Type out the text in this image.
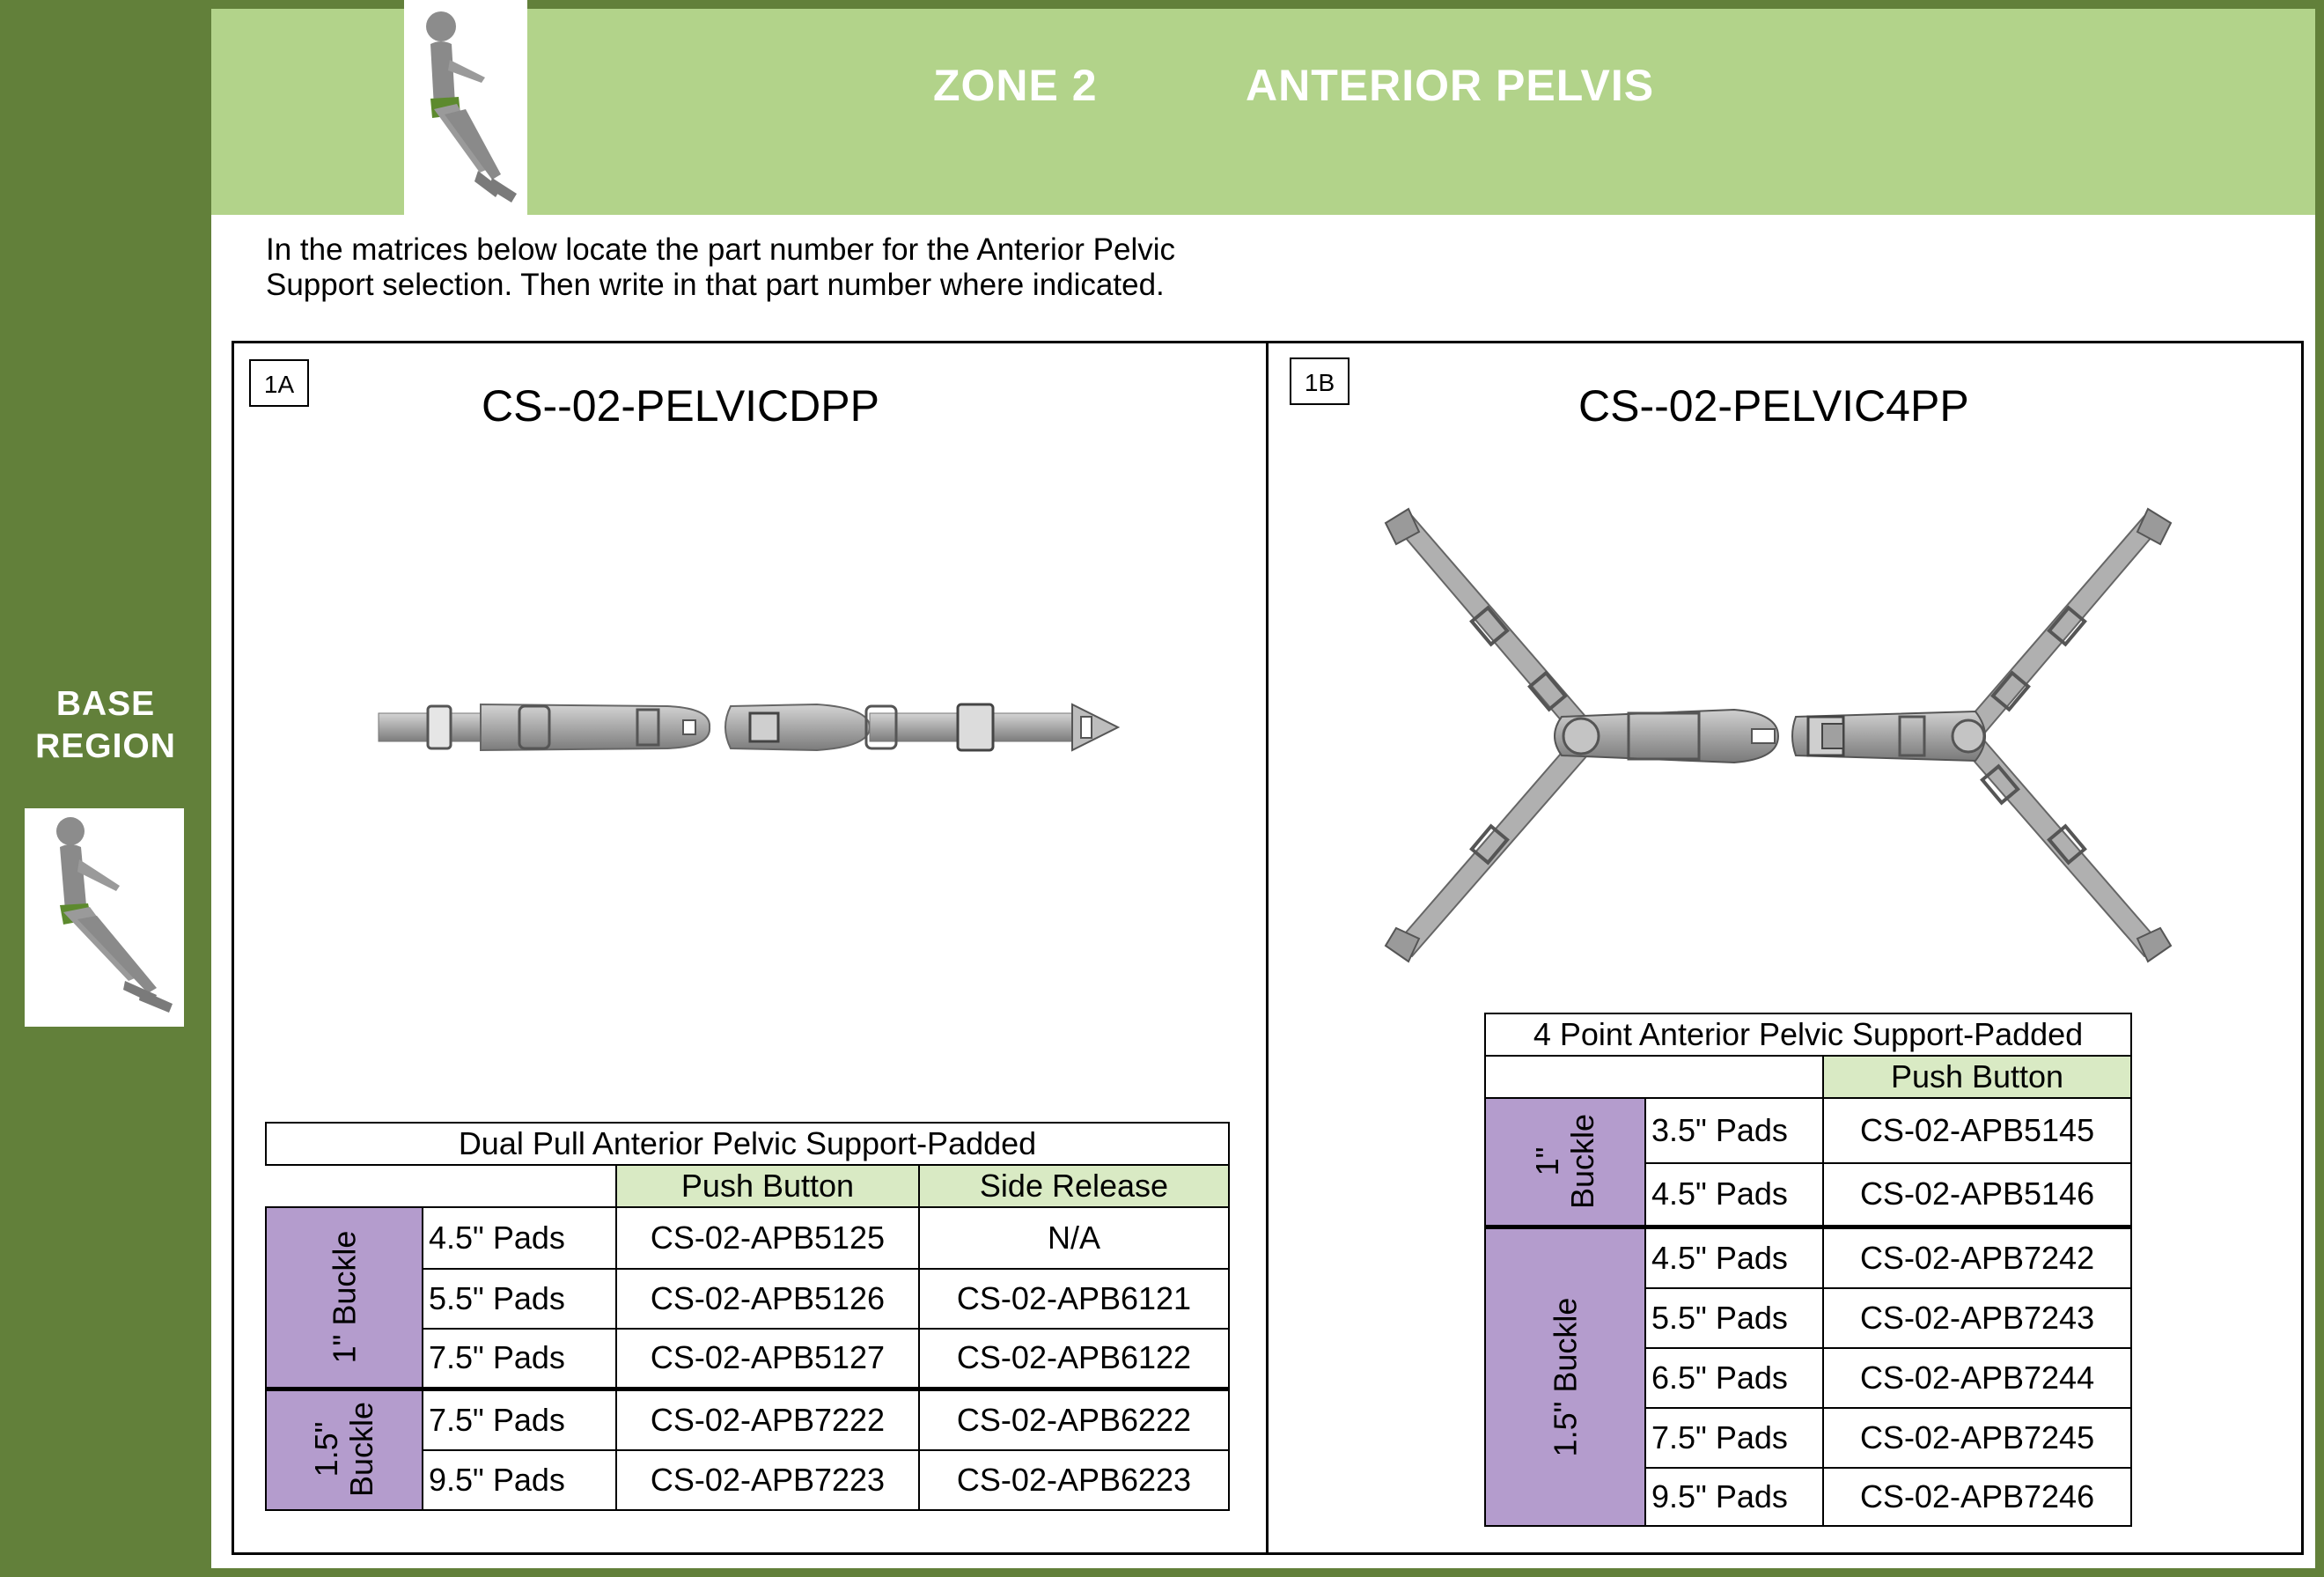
BASE
REGION
ZONE 2	ANTERIOR PELVIS
In the matrices below locate the part number for the Anterior Pelvic
Support selection. Then write in that part number where indicated.
1A	CS--02-PELVICDPP
Dual Pull Anterior Pelvic Support-Padded			
		Push Button	Side Release
1" Buckle	4.5" Pads	CS-02-APB5125	N/A
	5.5" Pads	CS-02-APB5126	CS-02-APB6121
	7.5" Pads	CS-02-APB5127	CS-02-APB6122
1.5"
Buckle	7.5" Pads	CS-02-APB7222	CS-02-APB6222
	9.5" Pads	CS-02-APB7223	CS-02-APB6223
1B	CS--02-PELVIC4PP
4 Point Anterior Pelvic Support-Padded		
		Push Button
1"
Buckle	3.5" Pads	CS-02-APB5145
	4.5" Pads	CS-02-APB5146
1.5" Buckle	4.5" Pads	CS-02-APB7242
	5.5" Pads	CS-02-APB7243
	6.5" Pads	CS-02-APB7244
	7.5" Pads	CS-02-APB7245
	9.5" Pads	CS-02-APB7246
